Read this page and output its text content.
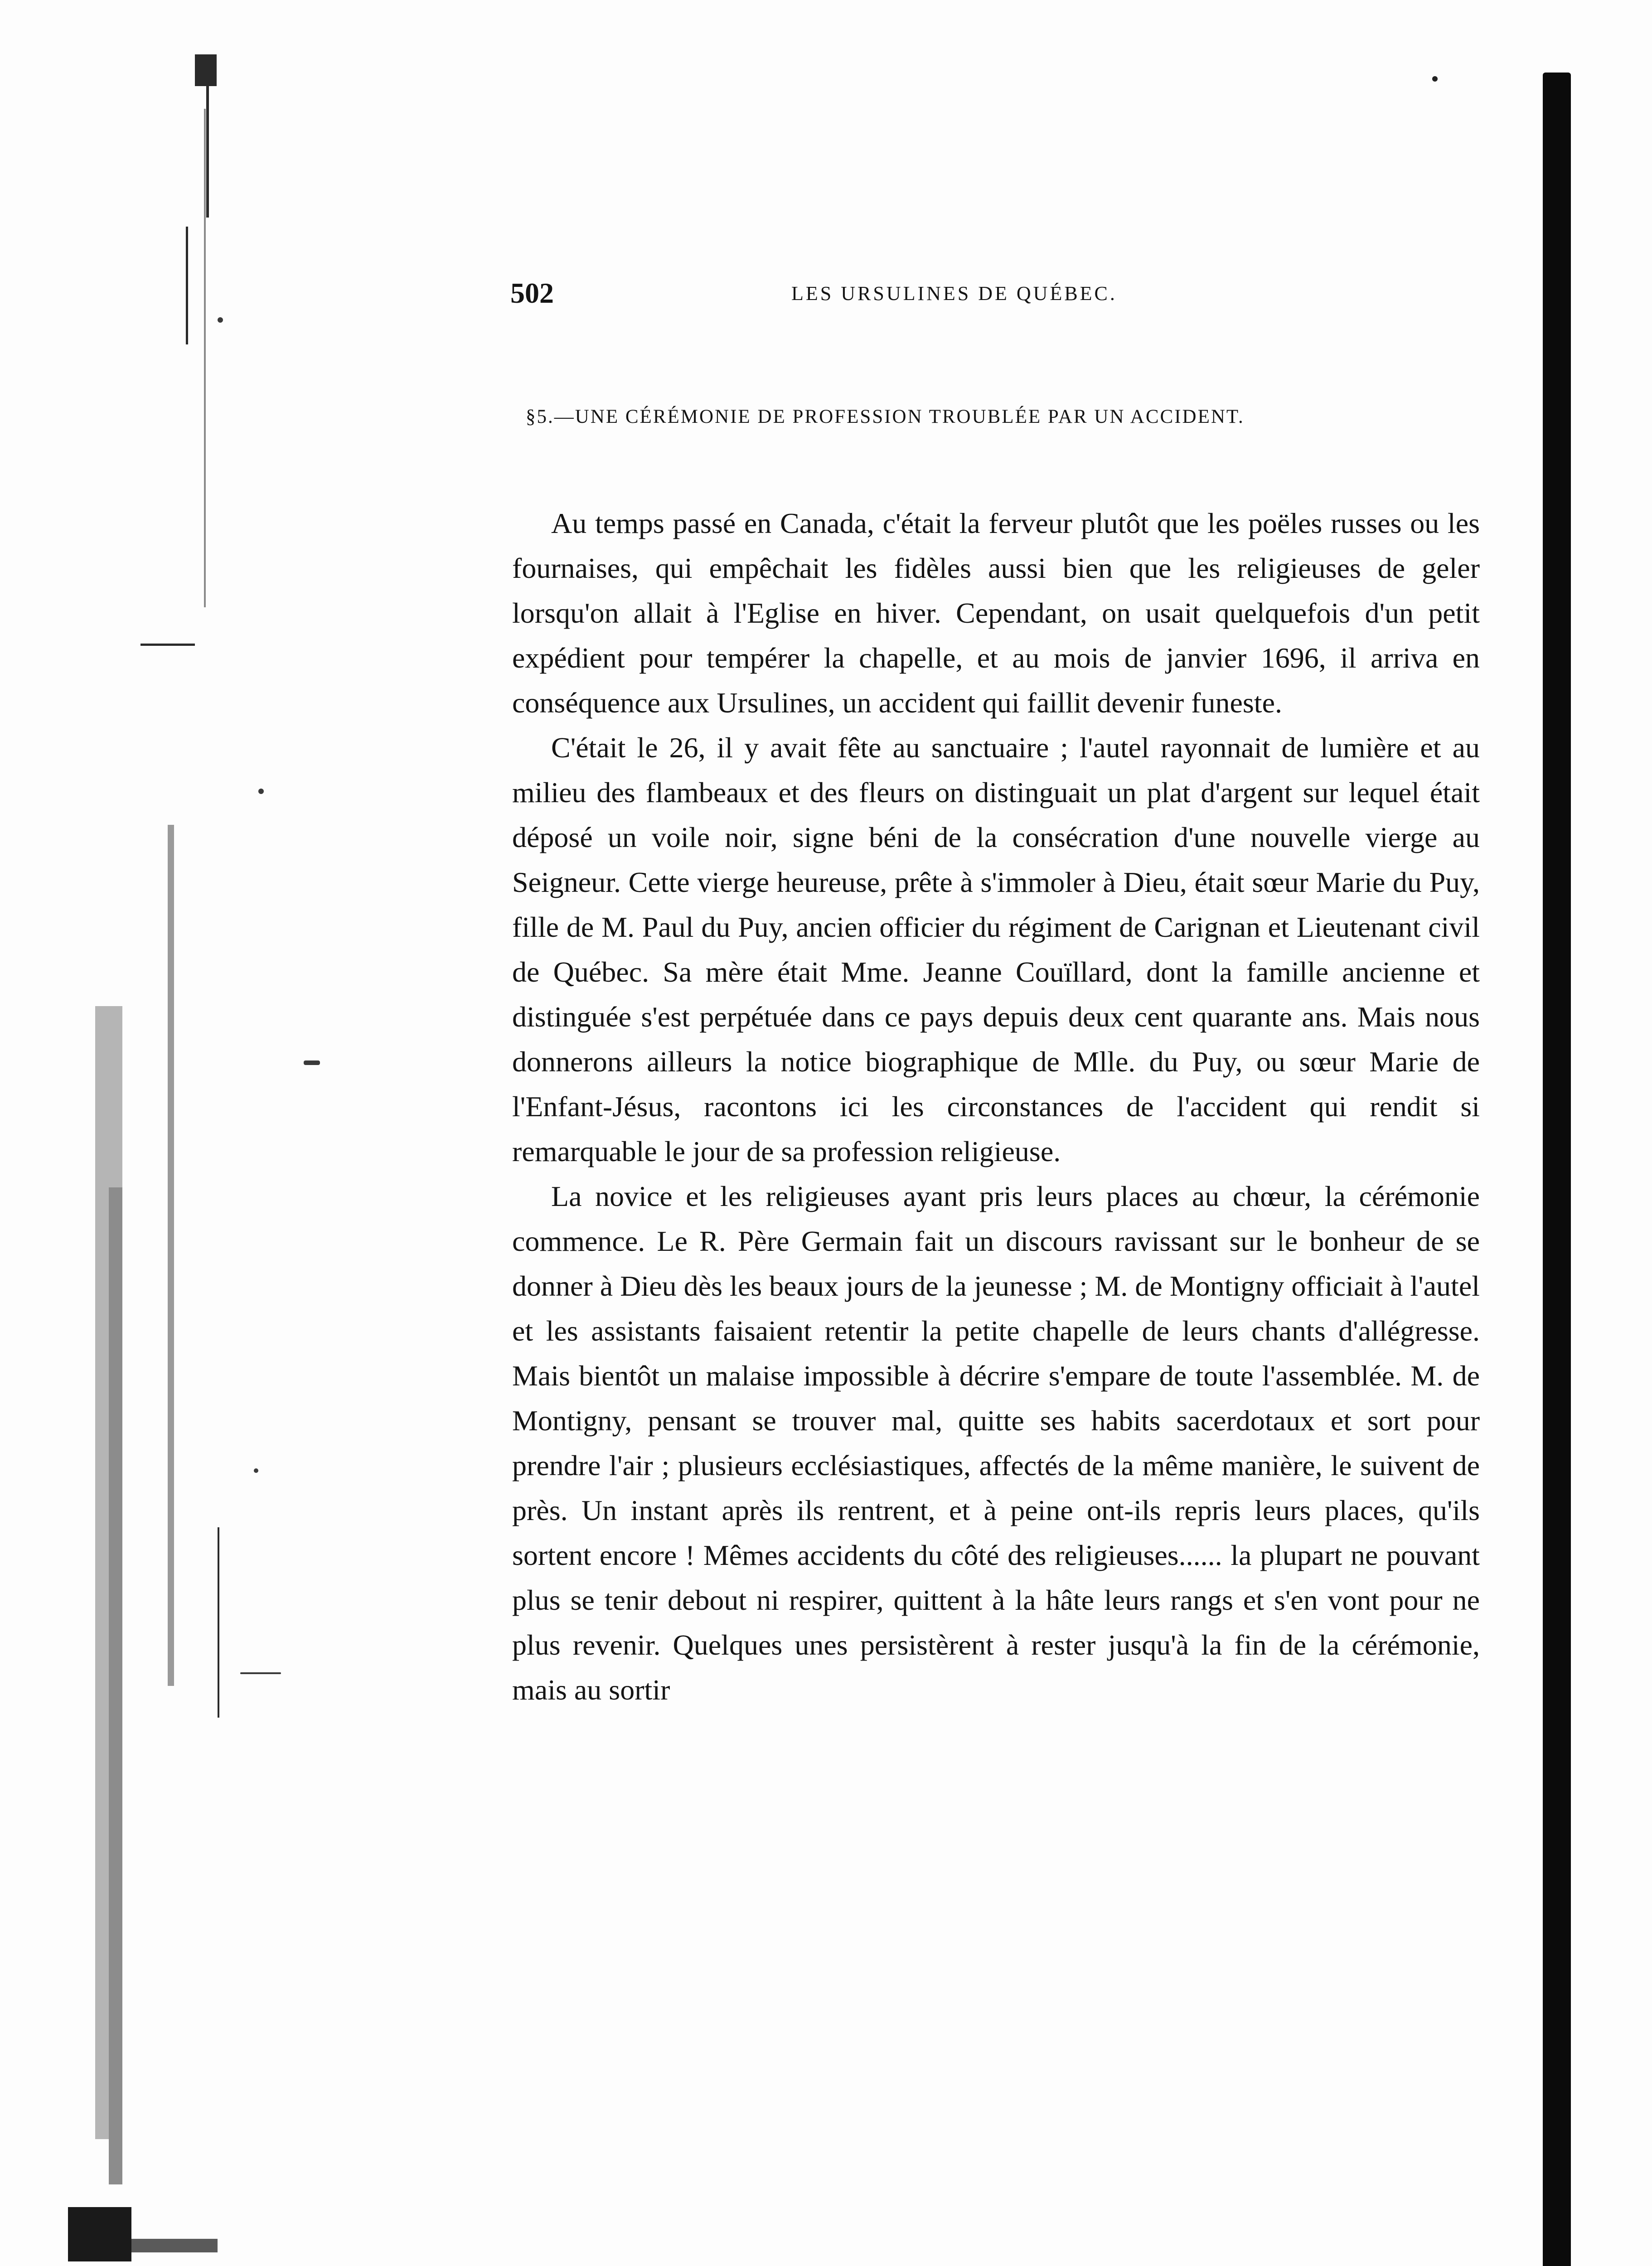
502	LES URSULINES DE QUÉBEC.
§5.—UNE CÉRÉMONIE DE PROFESSION TROUBLÉE PAR UN ACCIDENT.

Au temps passé en Canada, c'était la ferveur plutôt que les poëles russes ou les fournaises, qui empêchait les fidèles aussi bien que les religieuses de geler lorsqu'on allait à l'Eglise en hiver. Cependant, on usait quelquefois d'un petit expédient pour tempérer la chapelle, et au mois de janvier 1696, il arriva en conséquence aux Ursulines, un accident qui faillit devenir funeste.

C'était le 26, il y avait fête au sanctuaire ; l'autel rayonnait de lumière et au milieu des flambeaux et des fleurs on distinguait un plat d'argent sur lequel était déposé un voile noir, signe béni de la consécration d'une nouvelle vierge au Seigneur. Cette vierge heureuse, prête à s'immoler à Dieu, était sœur Marie du Puy, fille de M. Paul du Puy, ancien officier du régiment de Carignan et Lieutenant civil de Québec. Sa mère était Mme. Jeanne Couïllard, dont la famille ancienne et distinguée s'est perpétuée dans ce pays depuis deux cent quarante ans. Mais nous donnerons ailleurs la notice biographique de Mlle. du Puy, ou sœur Marie de l'Enfant-Jésus, racontons ici les circonstances de l'accident qui rendit si remarquable le jour de sa profession religieuse.

La novice et les religieuses ayant pris leurs places au chœur, la cérémonie commence. Le R. Père Germain fait un discours ravissant sur le bonheur de se donner à Dieu dès les beaux jours de la jeunesse ; M. de Montigny officiait à l'autel et les assistants faisaient retentir la petite chapelle de leurs chants d'allégresse. Mais bientôt un malaise impossible à décrire s'empare de toute l'assemblée. M. de Montigny, pensant se trouver mal, quitte ses habits sacerdotaux et sort pour prendre l'air ; plusieurs ecclésiastiques, affectés de la même manière, le suivent de près. Un instant après ils rentrent, et à peine ont-ils repris leurs places, qu'ils sortent encore ! Mêmes accidents du côté des religieuses...... la plupart ne pouvant plus se tenir debout ni respirer, quittent à la hâte leurs rangs et s'en vont pour ne plus revenir. Quelques unes persistèrent à rester jusqu'à la fin de la cérémonie, mais au sortir
